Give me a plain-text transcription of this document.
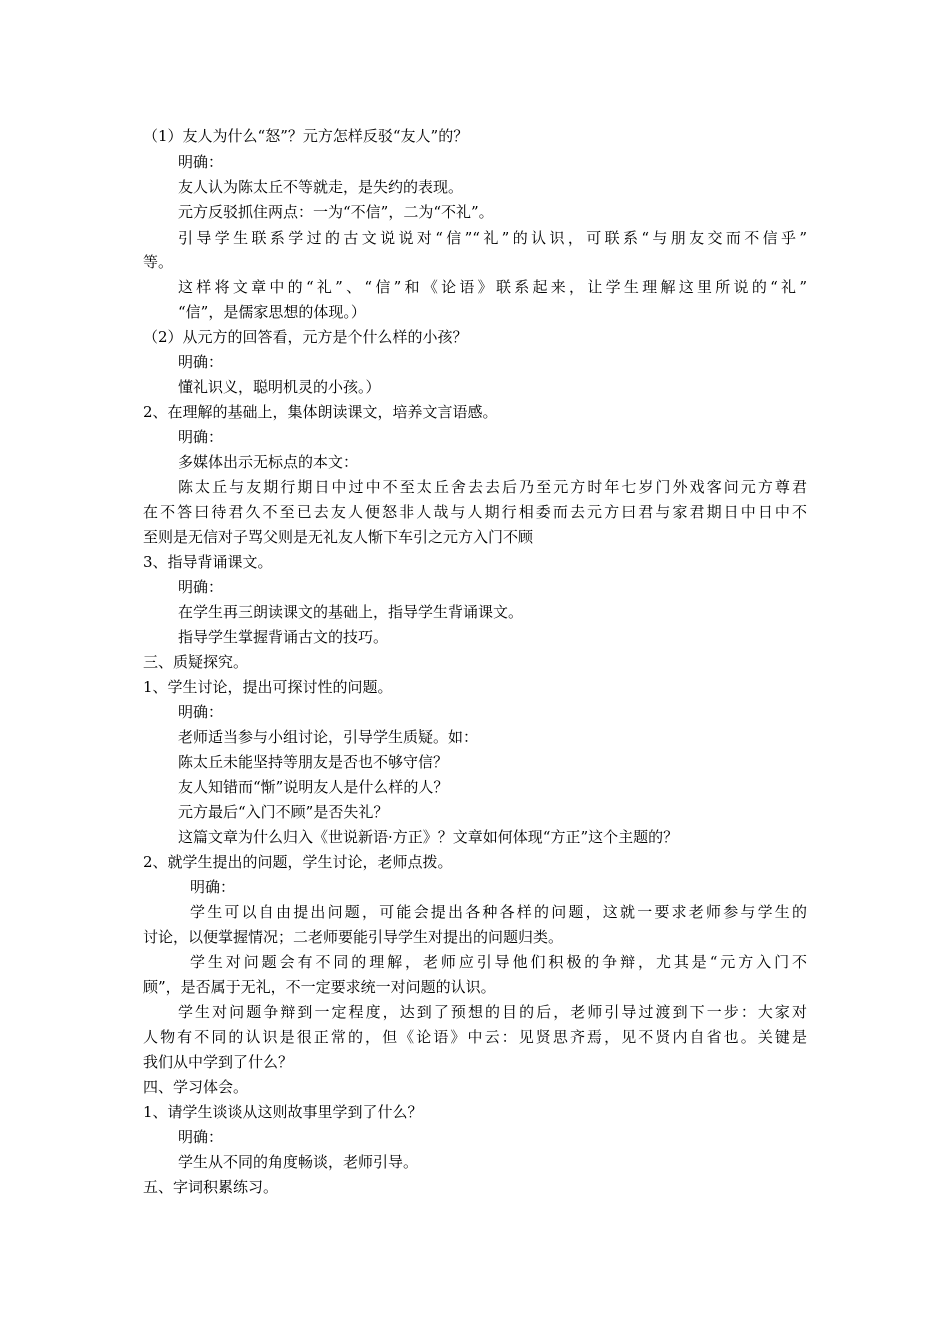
（1）友人为什么“怒”？元方怎样反驳“友人”的？
明确：
友人认为陈太丘不等就走，是失约的表现。
元方反驳抓住两点：一为“不信”，二为“不礼”。
引导学生联系学过的古文说说对“信”“礼”的认识，可联系“与朋友交而不信乎”
等。
这样将文章中的“礼”、“信”和《论语》联系起来，让学生理解这里所说的“礼”
“信”，是儒家思想的体现。）
（2）从元方的回答看，元方是个什么样的小孩？
明确：
懂礼识义，聪明机灵的小孩。）
2、在理解的基础上，集体朗读课文，培养文言语感。
明确：
多媒体出示无标点的本文：
陈太丘与友期行期日中过中不至太丘舍去去后乃至元方时年七岁门外戏客问元方尊君
在不答曰待君久不至已去友人便怒非人哉与人期行相委而去元方曰君与家君期日中日中不
至则是无信对子骂父则是无礼友人惭下车引之元方入门不顾
3、指导背诵课文。
明确：
在学生再三朗读课文的基础上，指导学生背诵课文。
指导学生掌握背诵古文的技巧。
三、质疑探究。
1、学生讨论，提出可探讨性的问题。
明确：
老师适当参与小组讨论，引导学生质疑。如：
陈太丘未能坚持等朋友是否也不够守信？
友人知错而“惭”说明友人是什么样的人？
元方最后“入门不顾”是否失礼？
这篇文章为什么归入《世说新语·方正》？文章如何体现“方正”这个主题的？
2、就学生提出的问题，学生讨论，老师点拨。
明确：
学生可以自由提出问题，可能会提出各种各样的问题，这就一要求老师参与学生的
讨论，以便掌握情况；二老师要能引导学生对提出的问题归类。
学生对问题会有不同的理解，老师应引导他们积极的争辩，尤其是“元方入门不
顾”，是否属于无礼，不一定要求统一对问题的认识。
学生对问题争辩到一定程度，达到了预想的目的后，老师引导过渡到下一步：大家对
人物有不同的认识是很正常的，但《论语》中云：见贤思齐焉，见不贤内自省也。关键是
我们从中学到了什么？
四、学习体会。
1、请学生谈谈从这则故事里学到了什么？
明确：
学生从不同的角度畅谈，老师引导。
五、字词积累练习。
